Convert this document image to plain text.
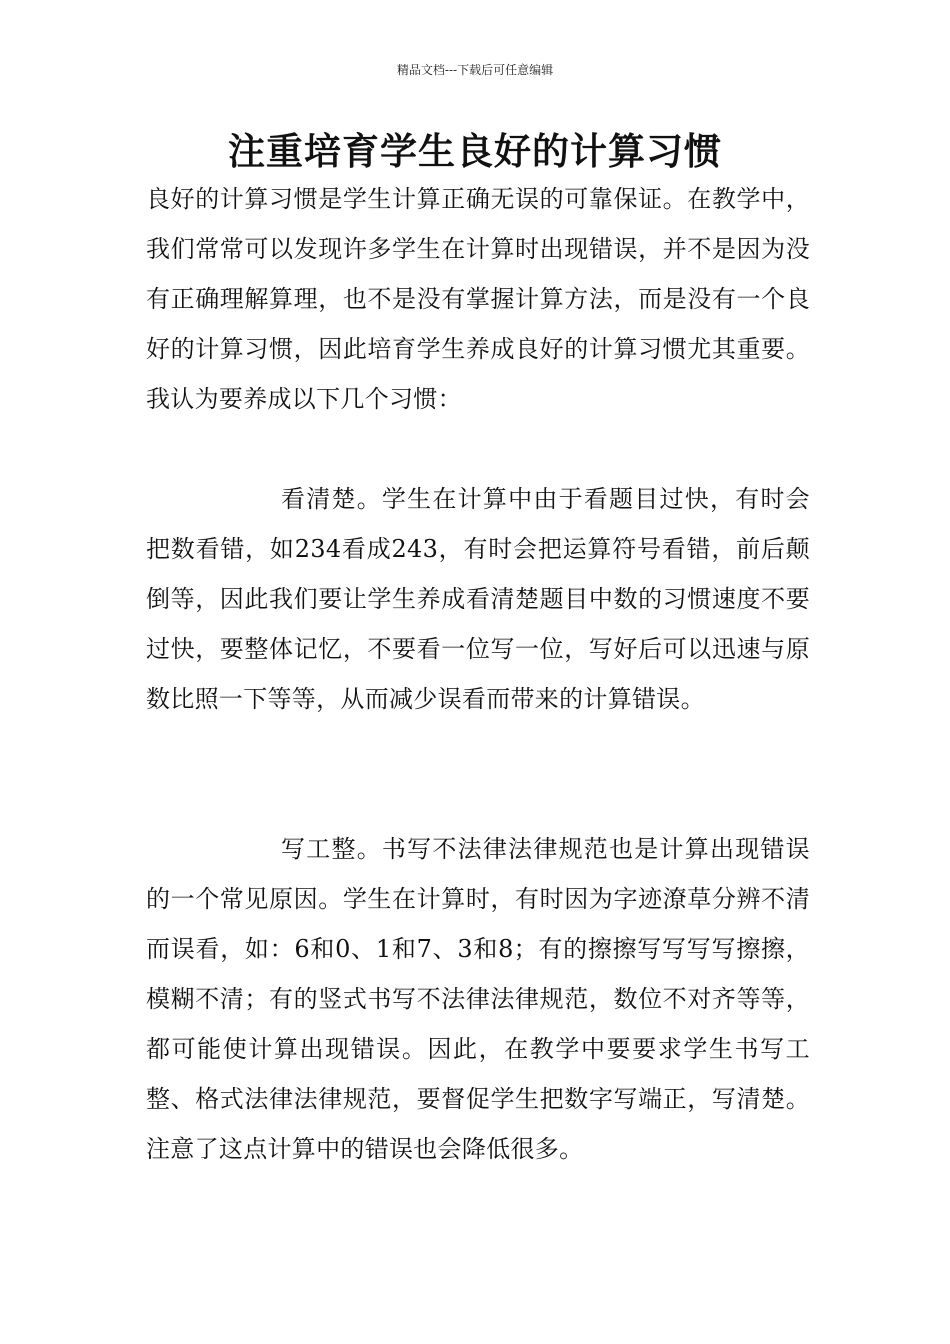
精品文档---下载后可任意编辑
注重培育学生良好的计算习惯

良好的计算习惯是学生计算正确无误的可靠保证。在教学中，我们常常可以发现许多学生在计算时出现错误，并不是因为没有正确理解算理，也不是没有掌握计算方法，而是没有一个良好的计算习惯，因此培育学生养成良好的计算习惯尤其重要。我认为要养成以下几个习惯：

看清楚。学生在计算中由于看题目过快，有时会把数看错，如234看成243，有时会把运算符号看错，前后颠倒等，因此我们要让学生养成看清楚题目中数的习惯速度不要过快，要整体记忆，不要看一位写一位，写好后可以迅速与原数比照一下等等，从而减少误看而带来的计算错误。

写工整。书写不法律法律规范也是计算出现错误的一个常见原因。学生在计算时，有时因为字迹潦草分辨不清而误看，如：6和0、1和7、3和8；有的擦擦写写写写擦擦，模糊不清；有的竖式书写不法律法律规范，数位不对齐等等，都可能使计算出现错误。因此，在教学中要要求学生书写工整、格式法律法律规范，要督促学生把数字写端正，写清楚。注意了这点计算中的错误也会降低很多。
